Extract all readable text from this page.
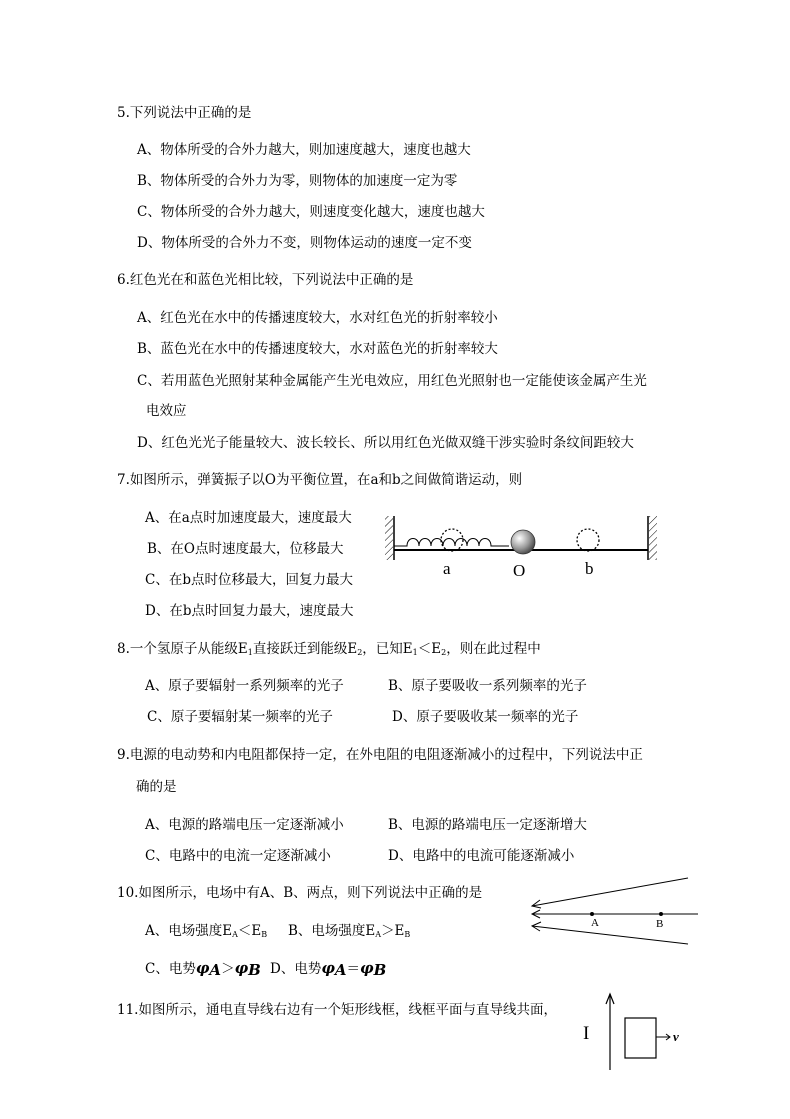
5.下列说法中正确的是
A、物体所受的合外力越大，则加速度越大，速度也越大
B、物体所受的合外力为零，则物体的加速度一定为零
C、物体所受的合外力越大，则速度变化越大，速度也越大
D、物体所受的合外力不变，则物体运动的速度一定不变
6.红色光在和蓝色光相比较，下列说法中正确的是
A、红色光在水中的传播速度较大，水对红色光的折射率较小
B、蓝色光在水中的传播速度较大，水对蓝色光的折射率较大
C、若用蓝色光照射某种金属能产生光电效应，用红色光照射也一定能使该金属产生光
电效应
D、红色光光子能量较大、波长较长、所以用红色光做双缝干涉实验时条纹间距较大
7.如图所示，弹簧振子以O为平衡位置，在a和b之间做简谐运动，则
A、在a点时加速度最大，速度最大
B、在O点时速度最大，位移最大
C、在b点时位移最大，回复力最大
D、在b点时回复力最大，速度最大
a	O	b
8.一个氢原子从能级$E_1$直接跃迁到能级$E_2$，已知$E_1<E_2$，则在此过程中
A、原子要辐射一系列频率的光子	B、原子要吸收一系列频率的光子
C、原子要辐射某一频率的光子	D、原子要吸收某一频率的光子
9.电源的电动势和内电阻都保持一定，在外电阻的电阻逐渐减小的过程中，下列说法中正
确的是
A、电源的路端电压一定逐渐减小	B、电源的路端电压一定逐渐增大
C、电路中的电流一定逐渐减小	D、电路中的电流可能逐渐减小
10.如图所示，电场中有A、B、两点，则下列说法中正确的是
A、电场强度$E_A<E_B$ B、电场强度$E_A>E_B$
C、电势$\varphi_A>\varphi_B$ D、电势$\varphi_A=\varphi_B$
A	B
11.如图所示，通电直导线右边有一个矩形线框，线框平面与直导线共面，
I	v
